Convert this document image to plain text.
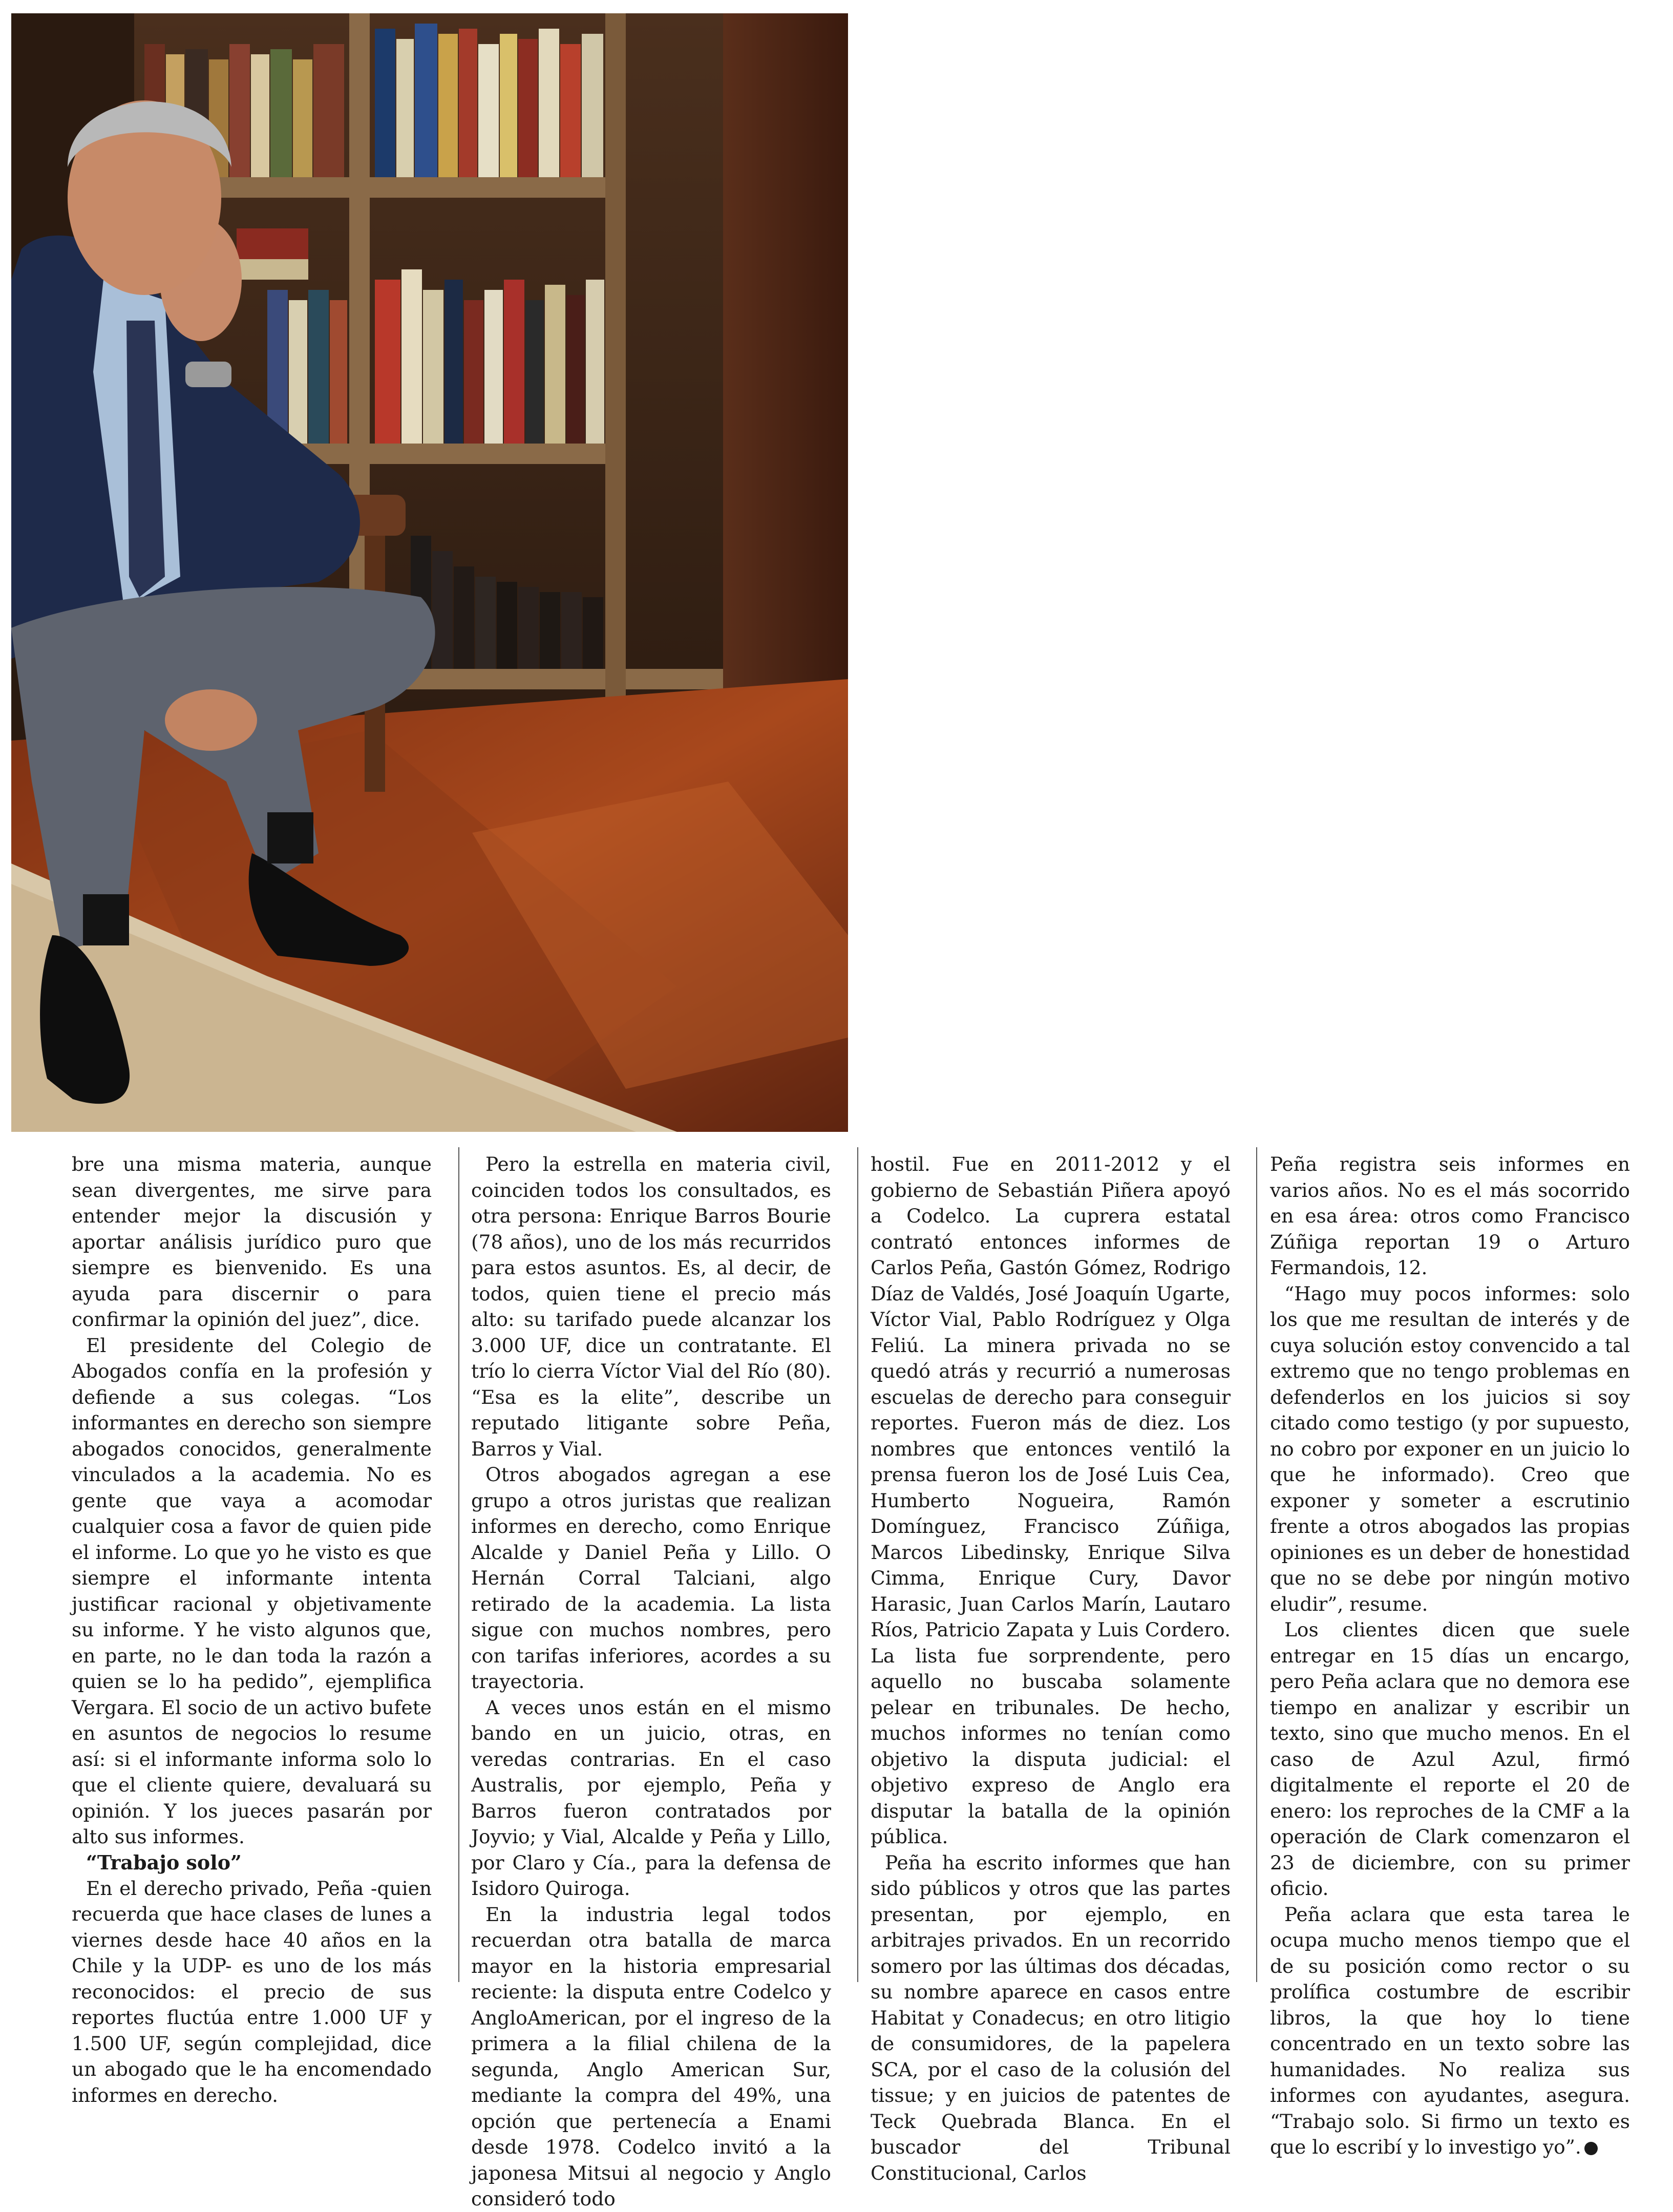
bre una misma materia, aunque sean divergentes, me sirve para entender mejor la discusión y aportar análisis jurídico puro que siempre es bienvenido. Es una ayuda para discernir o para confirmar la opinión del juez”, dice.

El presidente del Colegio de Abogados confía en la profesión y defiende a sus colegas. “Los informantes en derecho son siempre abogados conocidos, generalmente vinculados a la academia. No es gente que vaya a acomodar cualquier cosa a favor de quien pide el informe. Lo que yo he visto es que siempre el informante intenta justificar racional y objetivamente su informe. Y he visto algunos que, en parte, no le dan toda la razón a quien se lo ha pedido”, ejemplifica Vergara. El socio de un activo bufete en asuntos de negocios lo resume así: si el informante informa solo lo que el cliente quiere, devaluará su opinión. Y los jueces pasarán por alto sus informes.

“Trabajo solo”

En el derecho privado, Peña -quien recuerda que hace clases de lunes a viernes desde hace 40 años en la Chile y la UDP- es uno de los más reconocidos: el precio de sus reportes fluctúa entre 1.000 UF y 1.500 UF, según complejidad, dice un abogado que le ha encomendado informes en derecho.

Pero la estrella en materia civil, coinciden todos los consultados, es otra persona: Enrique Barros Bourie (78 años), uno de los más recurridos para estos asuntos. Es, al decir, de todos, quien tiene el precio más alto: su tarifado puede alcanzar los 3.000 UF, dice un contratante. El trío lo cierra Víctor Vial del Río (80). “Esa es la elite”, describe un reputado litigante sobre Peña, Barros y Vial.

Otros abogados agregan a ese grupo a otros juristas que realizan informes en derecho, como Enrique Alcalde y Daniel Peña y Lillo. O Hernán Corral Talciani, algo retirado de la academia. La lista sigue con muchos nombres, pero con tarifas inferiores, acordes a su trayectoria.

A veces unos están en el mismo bando en un juicio, otras, en veredas contrarias. En el caso Australis, por ejemplo, Peña y Barros fueron contratados por Joyvio; y Vial, Alcalde y Peña y Lillo, por Claro y Cía., para la defensa de Isidoro Quiroga.

En la industria legal todos recuerdan otra batalla de marca mayor en la historia empresarial reciente: la disputa entre Codelco y AngloAmerican, por el ingreso de la primera a la filial chilena de la segunda, Anglo American Sur, mediante la compra del 49%, una opción que pertenecía a Enami desde 1978. Codelco invitó a la japonesa Mitsui al negocio y Anglo consideró todo

hostil. Fue en 2011-2012 y el gobierno de Sebastián Piñera apoyó a Codelco. La cuprera estatal contrató entonces informes de Carlos Peña, Gastón Gómez, Rodrigo Díaz de Valdés, José Joaquín Ugarte, Víctor Vial, Pablo Rodríguez y Olga Feliú. La minera privada no se quedó atrás y recurrió a numerosas escuelas de derecho para conseguir reportes. Fueron más de diez. Los nombres que entonces ventiló la prensa fueron los de José Luis Cea, Humberto Nogueira, Ramón Domínguez, Francisco Zúñiga, Marcos Libedinsky, Enrique Silva Cimma, Enrique Cury, Davor Harasic, Juan Carlos Marín, Lautaro Ríos, Patricio Zapata y Luis Cordero. La lista fue sorprendente, pero aquello no buscaba solamente pelear en tribunales. De hecho, muchos informes no tenían como objetivo la disputa judicial: el objetivo expreso de Anglo era disputar la batalla de la opinión pública.

Peña ha escrito informes que han sido públicos y otros que las partes presentan, por ejemplo, en arbitrajes privados. En un recorrido somero por las últimas dos décadas, su nombre aparece en casos entre Habitat y Conadecus; en otro litigio de consumidores, de la papelera SCA, por el caso de la colusión del tissue; y en juicios de patentes de Teck Quebrada Blanca. En el buscador del Tribunal Constitucional, Carlos

Peña registra seis informes en varios años. No es el más socorrido en esa área: otros como Francisco Zúñiga reportan 19 o Arturo Fermandois, 12.

“Hago muy pocos informes: solo los que me resultan de interés y de cuya solución estoy convencido a tal extremo que no tengo problemas en defenderlos en los juicios si soy citado como testigo (y por supuesto, no cobro por exponer en un juicio lo que he informado). Creo que exponer y someter a escrutinio frente a otros abogados las propias opiniones es un deber de honestidad que no se debe por ningún motivo eludir”, resume.

Los clientes dicen que suele entregar en 15 días un encargo, pero Peña aclara que no demora ese tiempo en analizar y escribir un texto, sino que mucho menos. En el caso de Azul Azul, firmó digitalmente el reporte el 20 de enero: los reproches de la CMF a la operación de Clark comenzaron el 23 de diciembre, con su primer oficio.

Peña aclara que esta tarea le ocupa mucho menos tiempo que el de su posición como rector o su prolífica costumbre de escribir libros, la que hoy lo tiene concentrado en un texto sobre las humanidades. No realiza sus informes con ayudantes, asegura. “Trabajo solo. Si firmo un texto es que lo escribí y lo investigo yo”.
